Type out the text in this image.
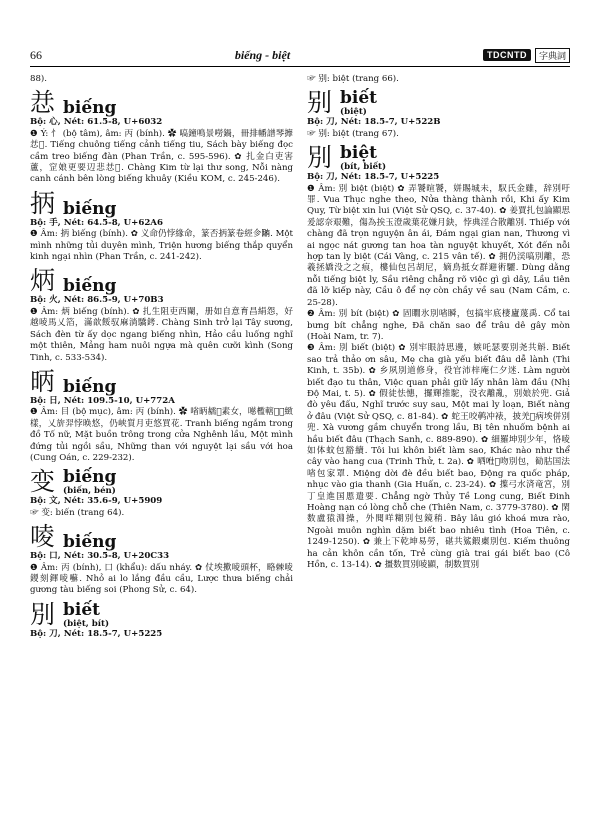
66	biếng - biệt	TDCNTD	字典詞

88).

㤣 biếng
Bộ: 心, Nét: 61.5-8, U+6032
❶ Ý: 忄 (bộ tâm), âm: 丙 (bính). ✿ 嗃鐘鳴景嘮鍋，冊排幡譜琴擵㤣𧺀. Tiếng chuông tiếng cảnh tiếng tiu, Sách bày biếng đọc cầm treo biếng đàn (Phan Trần, c. 595-596). ✿ 扎金白吏害蘆，䆙娘更要辺悲㤣𢡦. Chàng Kim từ lại thư song, Nỗi nàng canh cánh bên lòng biếng khuây (Kiều KOM, c. 245-246).
抦 biếng
Bộ: 手, Nét: 64.5-8, U+62A6
❶ Âm: 抦 biếng (bính). ✿ 义命仍悖緣命，篆否抦篆卷經㐱𣎏. Một mình những tủi duyên mình, Triện hương biếng thắp quyển kinh ngại nhìn (Phan Trần, c. 241-242).
炳 biếng
Bộ: 火, Nét: 86.5-9, U+70B3
❶ Âm: 炳 biếng (bính). ✿ 扎生阻吏西闌，册如自意育昌絹怨，好越㖫馬乂箔，滿歆餒驭麻淌驕銬. Chàng Sinh trở lại Tây sương, Sách đèn từ ấy dọc ngang biếng nhìn, Hảo cầu luống nghĩ một thiên, Mảng ham nuôi ngựa mà quên cưỡi kình (Song Tinh, c. 533-534).
昞 biếng
Bộ: 日, Nét: 109.5-10, U+772A
❶ Âm: 目 (bộ mục), âm: 丙 (bính). ✿ 㗂昞䞕𡗶素女，㘂檻轄𩆐𣗓緻樣，乂旂羿悖㬇悠，仍峡質月吏悠買花. Tranh biếng ngắm trong đồ Tố nữ, Mặt buồn trông trong cửa Nghênh lầu, Một mình đứng tủi ngồi sầu, Những than với nguyệt lại sầu với hoa (Cung Oán, c. 229-232).
变 biếng
(biến, bén)
Bộ: 文, Nét: 35.6-9, U+5909
☞ 变: biến (trang 64).
㖫 biếng
Bộ: 口, Nét: 30.5-8, U+20C33
❶ Âm: 丙 (bính), 口 (khẩu): dấu nháy. ✿ 仗埃擹㖫頭杯，略棘㖫鍐刻鍕㖫囌. Nhỏ ai lo lắng đầu cầu, Lược thưa biếng chải gương tàu biếng soi (Phong Sử, c. 64).
別 biết
(biệt, bít)
Bộ: 刀, Nét: 18.5-7, U+5225

☞ 别: biệt (trang 66).

别 biết
(biệt)
Bộ: 刀, Nét: 18.5-7, U+522B
☞ 别: biệt (trang 67).
別 biệt
(bít, biết)
Bộ: 刀, Nét: 18.5-7, U+5225
❶ Âm: 別 biệt (biệt) ✿ 弄饕暄饕，姘賜城未，馭氏金雖，辞別吁罪. Vua Thục nghe theo, Nửa thàng thành rồi, Khi ấy Kim Quy, Từ biệt xin lui (Việt Sử QSQ, c. 37-40). ✿ 姜賈扎包論顯思爰認奈艰難，傷為挨玉澄歲葉花嫌月鈌，悖典淫合散離別. Thiếp với chàng đã trọn nguyện ân ái, Đám ngại gian nan, Thương vì ai ngọc nát gương tan hoa tàn nguyệt khuyết, Xót đến nỗi hợp tan ly biệt (Cái Vàng, c. 215 vân tế). ✿ 拥仍渓嗃別離，恐羲拯嬌没之之痕，樓仙包呂胡尼，嫡鳥抵女群避術驪. Dùng dằng nỗi tiếng biệt ly, Sầu riêng chẳng rõ việc gì gì dây, Lầu tiên đã lỡ kiếp này, Cầu ô để nợ còn chầy về sau (Nam Cầm, c. 25-28).
❷ Âm: 別 bít (biệt) ✿ 固瞯氷別㗂瞬，包搞牢底棲廬蔑禹. Cổ tai bưng bít chẳng nghe, Đã chăn sao để trâu dê gây mòn (Hoài Nam, tr. 7).
❸ Âm: 別 biết (biệt) ✿ 別牢眼詩思邊，嫉吒瑟要別尧共斛. Biết sao trả thảo ơn sâu, Mẹ cha già yếu biết đâu dễ lành (Thi Kinh, t. 35b). ✿ 乡夙別道修身，役官沛梓庵仁夕迷. Làm người biết đạo tu thân, Việc quan phải giữ lấy nhân làm đầu (Nhị Độ Mai, t. 5). ✿ 假徒怯憓，攞輝推駝，没衣離亂，別娘於兜. Giả đò yêu đấu, Nghĩ trước suy sau, Một mai ly loạn, Biết nàng ở đâu (Việt Sử QSQ, c. 81-84). ✿ 蛇王咬鹌冲裱，披羌𥺽病埃併別兜. Xà vương gầm chuyển trong lầu, Bị tên nhuốm bệnh ai hầu biết đâu (Thạch Sanh, c. 889-890). ✿ 細羅坤別少年，恪㖫如体蚊包豁續. Tôi lui khôn biết làm sao, Khác nào như thể cây vào hang cua (Trinh Thử, t. 2a). ✿ 哂𠱊𨷑吻別包，勧𦙶国法㗂包家罩. Miệng dời đè đều biết bao, Động ra quốc pháp, nhục vào gia thanh (Gia Huấn, c. 23-24). ✿ 擛弓水済竜宮，別丁皇進国慝遣要. Chẳng ngờ Thủy Tề Long cung, Biết Đinh Hoàng nạn có lòng chỗ che (Thiên Nam, c. 3779-3780). ✿ 閑数盧猿淵操，外閱咩糊別包鏡稍. Bây lâu gió khoá mưa rào, Ngoài muôn nghìn dặm biết bao nhiêu tình (Hoa Tiên, c. 1249-1250). ✿ 兼上下乾坤易勞，碪共鯊鍜㮚別包. Kiếm thuông ha cản khôn cần tốn, Trẻ cùng già trai gái biết bao (Cô Hồn, c. 13-14). ✿ 㩖数買別㖫顯，制数買別
